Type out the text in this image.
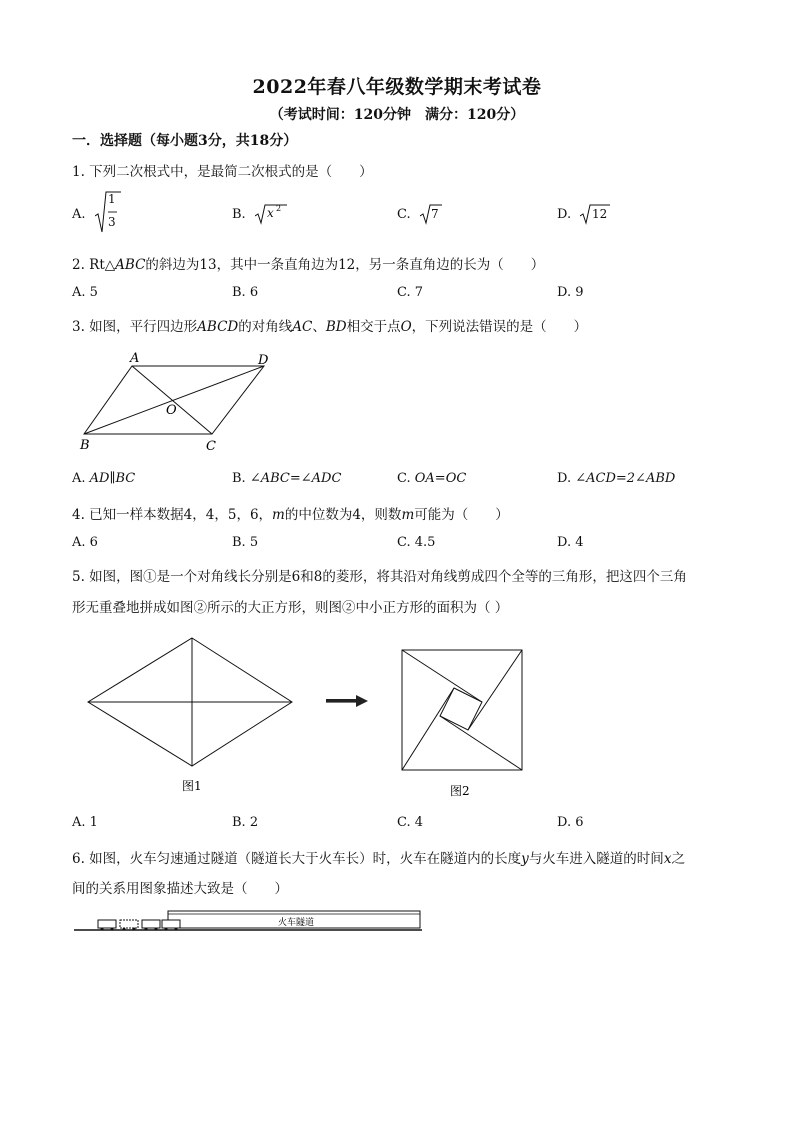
2022年春八年级数学期末考试卷
（考试时间：120分钟　满分：120分）
一．选择题（每小题3分，共18分）
1. 下列二次根式中，是最简二次根式的是（　　）
A.
1
3	B. x 2	C. 7	D. 12
2. Rt△ABC的斜边为13，其中一条直角边为12，另一条直角边的长为（　　）
A. 5	B. 6	C. 7	D. 9
3. 如图，平行四边形ABCD的对角线AC、BD相交于点O，下列说法错误的是（　　）
A	D
B	C
O
A. AD∥BC	B. ∠ABC=∠ADC	C. OA=OC	D. ∠ACD=2∠ABD
4. 已知一样本数据4，4，5，6，m的中位数为4，则数m可能为（　　）
A. 6	B. 5	C. 4.5	D. 4
5. 如图，图①是一个对角线长分别是6和8的菱形，将其沿对角线剪成四个全等的三角形，把这四个三角
形无重叠地拼成如图②所示的大正方形，则图②中小正方形的面积为（ ）
图1	图2
A. 1	B. 2	C. 4	D. 6
6. 如图，火车匀速通过隧道（隧道长大于火车长）时，火车在隧道内的长度y与火车进入隧道的时间x之
间的关系用图象描述大致是（　　）
火车隧道
